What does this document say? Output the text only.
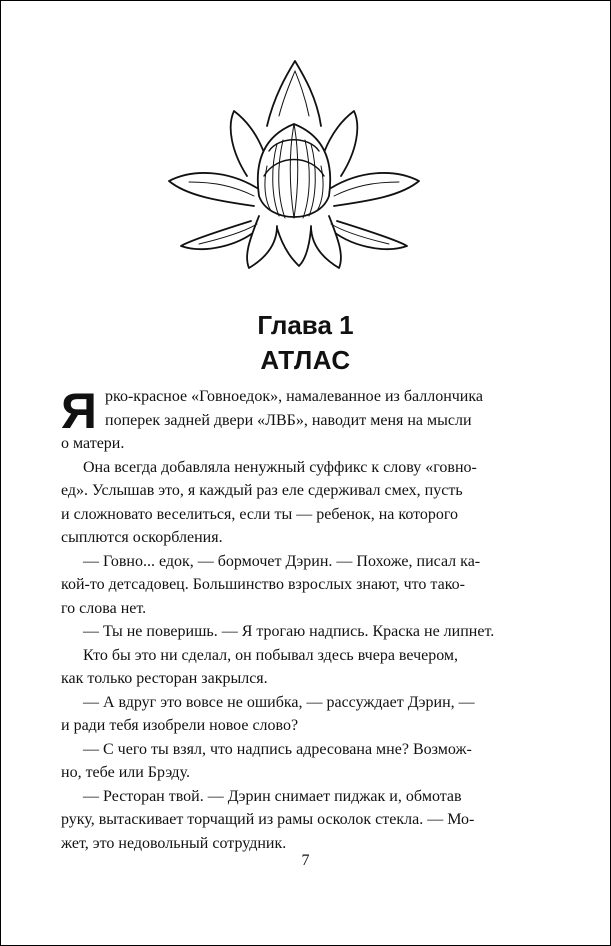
Глава 1
АТЛАС
Я рко-красное «Говноедок», намалеванное из баллончика
поперек задней двери «ЛВБ», наводит меня на мысли
о матери.
Она всегда добавляла ненужный суффикс к слову «говно-
ед». Услышав это, я каждый раз еле сдерживал смех, пусть
и сложновато веселиться, если ты — ребенок, на которого
сыплются оскорбления.
— Говно... едок, — бормочет Дэрин. — Похоже, писал ка-
кой-то детсадовец. Большинство взрослых знают, что тако-
го слова нет.
— Ты не поверишь. — Я трогаю надпись. Краска не липнет.
Кто бы это ни сделал, он побывал здесь вчера вечером,
как только ресторан закрылся.
— А вдруг это вовсе не ошибка, — рассуждает Дэрин, —
и ради тебя изобрели новое слово?
— С чего ты взял, что надпись адресована мне? Возмож-
но, тебе или Брэду.
— Ресторан твой. — Дэрин снимает пиджак и, обмотав
руку, вытаскивает торчащий из рамы осколок стекла. — Мо-
жет, это недовольный сотрудник.
7
